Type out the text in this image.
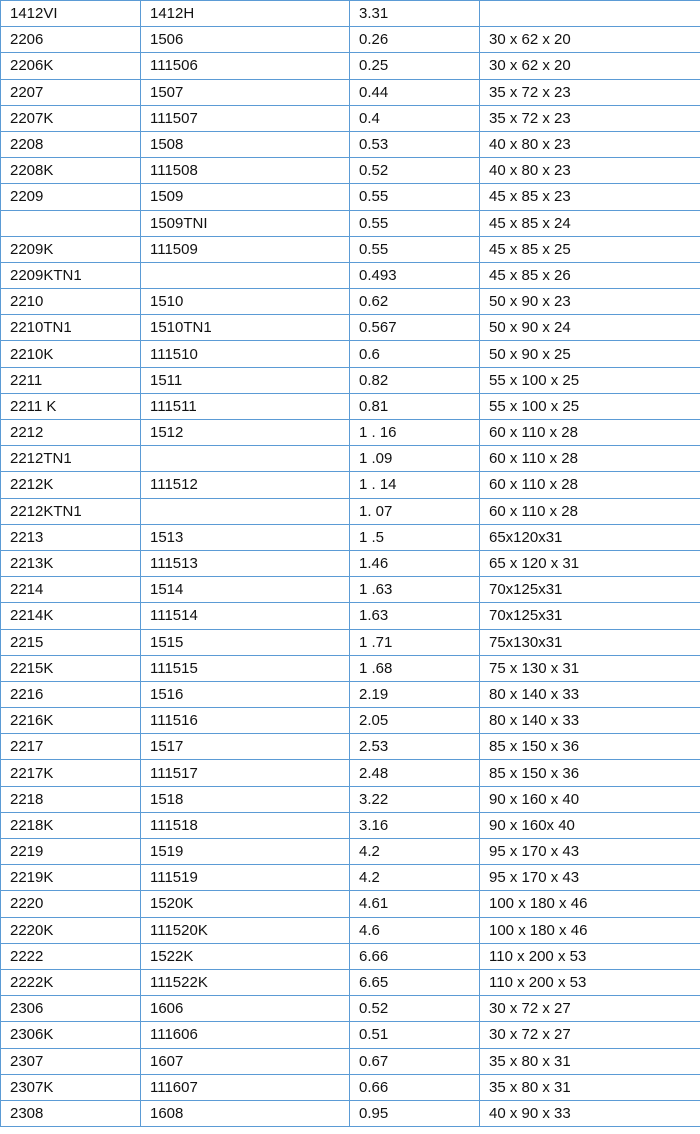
1412VI	1412H	3.31	
2206	1506	0.26	30 x 62 x 20
2206K	111506	0.25	30 x 62 x 20
2207	1507	0.44	35 x 72 x 23
2207K	111507	0.4	35 x 72 x 23
2208	1508	0.53	40 x 80 x 23
2208K	111508	0.52	40 x 80 x 23
2209	1509	0.55	45 x 85 x 23
	1509TNI	0.55	45 x 85 x 24
2209K	111509	0.55	45 x 85 x 25
2209KTN1		0.493	45 x 85 x 26
2210	1510	0.62	50 x 90 x 23
2210TN1	1510TN1	0.567	50 x 90 x 24
2210K	111510	0.6	50 x 90 x 25
2211	1511	0.82	55 x 100 x 25
2211 K	111511	0.81	55 x 100 x 25
2212	1512	1 . 16	60 x 110 x 28
2212TN1		1 .09	60 x 110 x 28
2212K	111512	1 . 14	60 x 110 x 28
2212KTN1		1. 07	60 x 110 x 28
2213	1513	1 .5	65x120x31
2213K	111513	1.46	65 x 120 x 31
2214	1514	1 .63	70x125x31
2214K	111514	1.63	70x125x31
2215	1515	1 .71	75x130x31
2215K	111515	1 .68	75 x 130 x 31
2216	1516	2.19	80 x 140 x 33
2216K	111516	2.05	80 x 140 x 33
2217	1517	2.53	85 x 150 x 36
2217K	111517	2.48	85 x 150 x 36
2218	1518	3.22	90 x 160 x 40
2218K	111518	3.16	90 x 160x 40
2219	1519	4.2	95 x 170 x 43
2219K	111519	4.2	95 x 170 x 43
2220	1520K	4.61	100 x 180 x 46
2220K	111520K	4.6	100 x 180 x 46
2222	1522K	6.66	110 x 200 x 53
2222K	111522K	6.65	110 x 200 x 53
2306	1606	0.52	30 x 72 x 27
2306K	111606	0.51	30 x 72 x 27
2307	1607	0.67	35 x 80 x 31
2307K	111607	0.66	35 x 80 x 31
2308	1608	0.95	40 x 90 x 33
